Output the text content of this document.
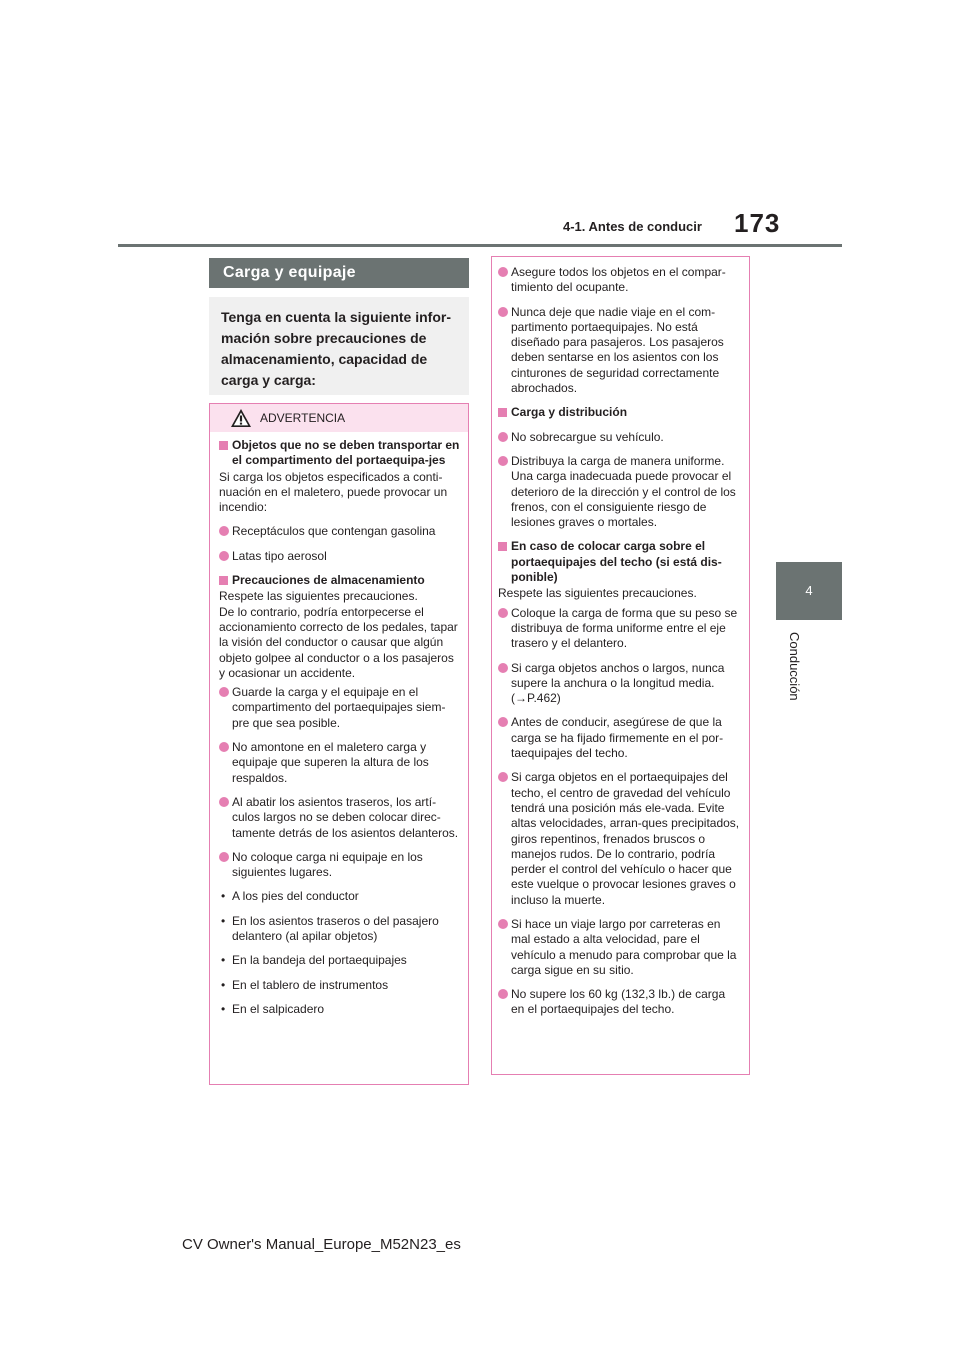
4-1. Antes de conducir 173
4
Conducción
Carga y equipaje
Tenga en cuenta la siguiente infor-
mación sobre precauciones de
almacenamiento, capacidad de
carga y carga:
ADVERTENCIA
Objetos que no se deben transportar en el compartimento del portaequipa-jes
Si carga los objetos especificados a conti-nuación en el maletero, puede provocar un incendio:
Receptáculos que contengan gasolina
Latas tipo aerosol
Precauciones de almacenamiento
Respete las siguientes precauciones.
De lo contrario, podría entorpecerse el accionamiento correcto de los pedales, tapar la visión del conductor o causar que algún objeto golpee al conductor o a los pasajeros y ocasionar un accidente.
Guarde la carga y el equipaje en el compartimento del portaequipajes siem-pre que sea posible.
No amontone en el maletero carga y equipaje que superen la altura de los respaldos.
Al abatir los asientos traseros, los artí-culos largos no se deben colocar direc-tamente detrás de los asientos delanteros.
No coloque carga ni equipaje en los siguientes lugares.
• A los pies del conductor
• En los asientos traseros o del pasajero delantero (al apilar objetos)
• En la bandeja del portaequipajes
• En el tablero de instrumentos
• En el salpicadero
Asegure todos los objetos en el compar-timiento del ocupante.
Nunca deje que nadie viaje en el com-partimento portaequipajes. No está diseñado para pasajeros. Los pasajeros deben sentarse en los asientos con los cinturones de seguridad correctamente abrochados.
Carga y distribución
No sobrecargue su vehículo.
Distribuya la carga de manera uniforme. Una carga inadecuada puede provocar el deterioro de la dirección y el control de los frenos, con el consiguiente riesgo de lesiones graves o mortales.
En caso de colocar carga sobre el portaequipajes del techo (si está dis-ponible)
Respete las siguientes precauciones.
Coloque la carga de forma que su peso se distribuya de forma uniforme entre el eje trasero y el delantero.
Si carga objetos anchos o largos, nunca supere la anchura o la longitud media. (→P.462)
Antes de conducir, asegúrese de que la carga se ha fijado firmemente en el por-taequipajes del techo.
Si carga objetos en el portaequipajes del techo, el centro de gravedad del vehículo tendrá una posición más ele-vada. Evite altas velocidades, arran-ques precipitados, giros repentinos, frenados bruscos o manejos rudos. De lo contrario, podría perder el control del vehículo o hacer que este vuelque o provocar lesiones graves o incluso la muerte.
Si hace un viaje largo por carreteras en mal estado a alta velocidad, pare el vehículo a menudo para comprobar que la carga sigue en su sitio.
No supere los 60 kg (132,3 lb.) de carga en el portaequipajes del techo.
CV Owner's Manual_Europe_M52N23_es
